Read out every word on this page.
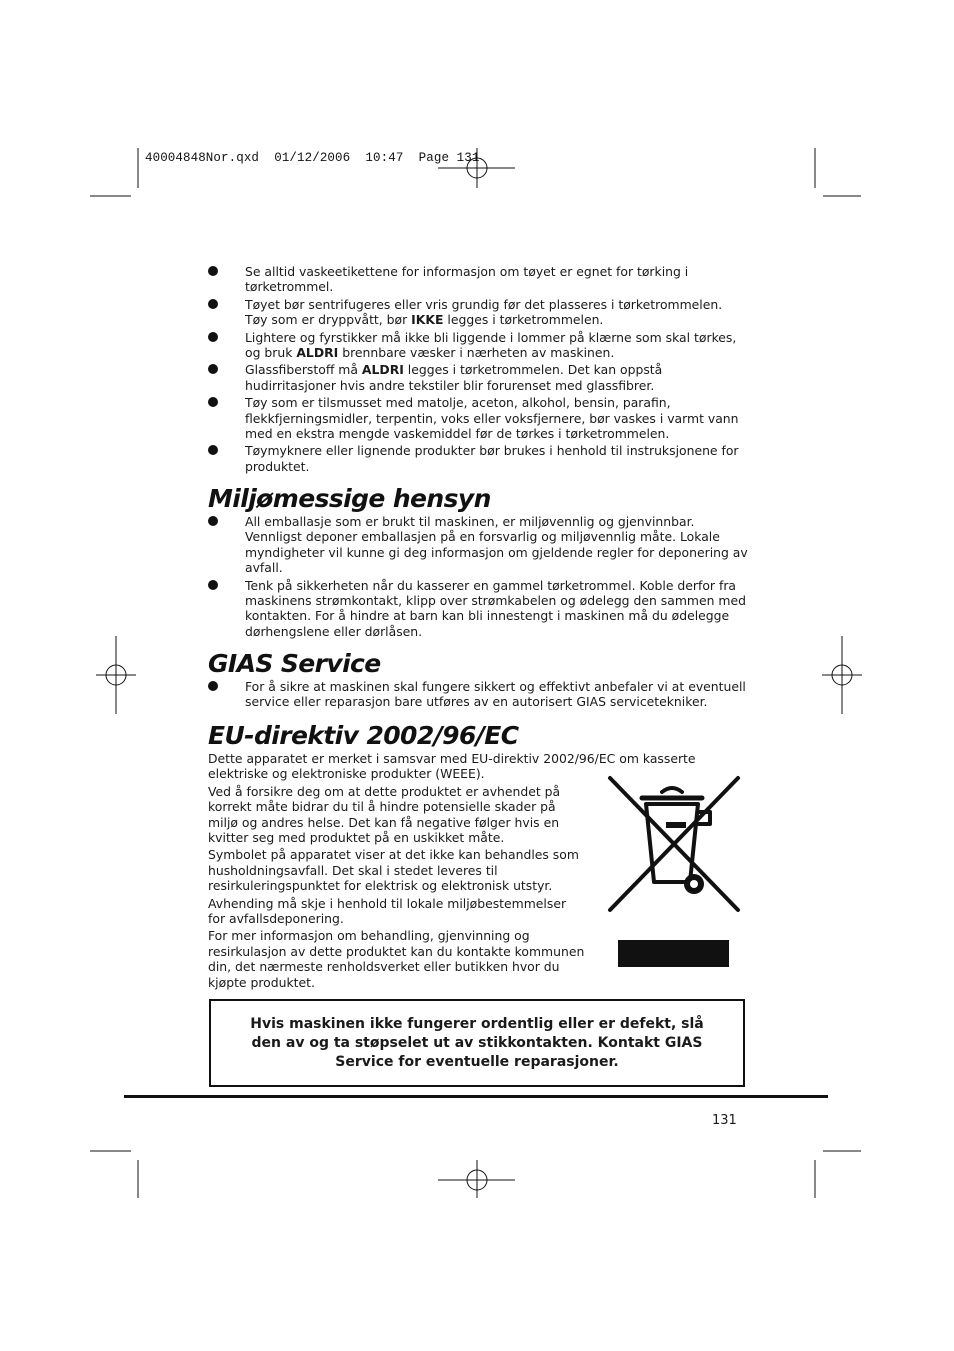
40004848Nor.qxd  01/12/2006  10:47  Page 131
Se alltid vaskeetikettene for informasjon om tøyet er egnet for tørking i tørketrommel.
Tøyet bør sentrifugeres eller vris grundig før det plasseres i tørketrommelen. Tøy som er dryppvått, bør IKKE legges i tørketrommelen.
Lightere og fyrstikker må ikke bli liggende i lommer på klærne som skal tørkes, og bruk ALDRI brennbare væsker i nærheten av maskinen.
Glassfiberstoff må ALDRI legges i tørketrommelen. Det kan oppstå hudirritasjoner hvis andre tekstiler blir forurenset med glassfibrer.
Tøy som er tilsmusset med matolje, aceton, alkohol, bensin, parafin, flekkfjerningsmidler, terpentin, voks eller voksfjernere, bør vaskes i varmt vann med en ekstra mengde vaskemiddel før de tørkes i tørketrommelen.
Tøymyknere eller lignende produkter bør brukes i henhold til instruksjonene for produktet.
Miljømessige hensyn
All emballasje som er brukt til maskinen, er miljøvennlig og gjenvinnbar. Vennligst deponer emballasjen på en forsvarlig og miljøvennlig måte. Lokale myndigheter vil kunne gi deg informasjon om gjeldende regler for deponering av avfall.
Tenk på sikkerheten når du kasserer en gammel tørketrommel. Koble derfor fra maskinens strømkontakt, klipp over strømkabelen og ødelegg den sammen med kontakten. For å hindre at barn kan bli innestengt i maskinen må du ødelegge dørhengslene eller dørlåsen.
GIAS Service
For å sikre at maskinen skal fungere sikkert og effektivt anbefaler vi at eventuell service eller reparasjon bare utføres av en autorisert GIAS servicetekniker.
EU-direktiv 2002/96/EC

Dette apparatet er merket i samsvar med EU-direktiv 2002/96/EC om kasserte elektriske og elektroniske produkter (WEEE).

Ved å forsikre deg om at dette produktet er avhendet på korrekt måte bidrar du til å hindre potensielle skader på miljø og andres helse. Det kan få negative følger hvis en kvitter seg med produktet på en uskikket måte.

Symbolet på apparatet viser at det ikke kan behandles som husholdningsavfall. Det skal i stedet leveres til resirkuleringspunktet for elektrisk og elektronisk utstyr.

Avhending må skje i henhold til lokale miljøbestemmelser for avfallsdeponering.

For mer informasjon om behandling, gjenvinning og resirkulasjon av dette produktet kan du kontakte kommunen din, det nærmeste renholdsverket eller butikken hvor du kjøpte produktet.

Hvis maskinen ikke fungerer ordentlig eller er defekt, slå den av og ta støpselet ut av stikkontakten. Kontakt GIAS Service for eventuelle reparasjoner.
131
